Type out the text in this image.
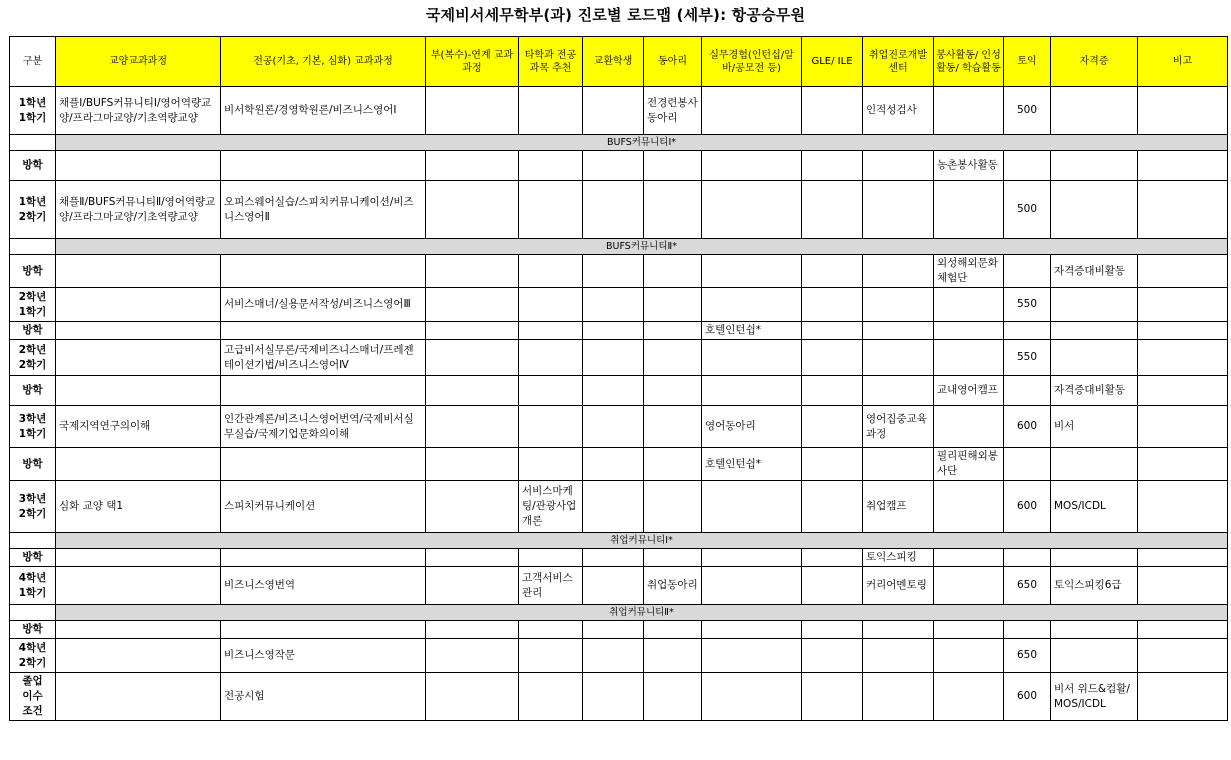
국제비서세무학부(과) 진로별 로드맵 (세부): 항공승무원
구분	교양교과과정	전공(기초, 기본, 심화) 교과과정	부(복수)-연계 교과과정	타학과 전공과목 추천	교환학생	동아리	실무경험(인턴십/알바/공모전 등)	GLE/ ILE	취업진로개발 센터	봉사활동/ 인성활동/ 학습활동	토익	자격증	비고
1학년 1학기	채플Ⅰ/BUFS커뮤니티Ⅰ/영어역량교양/프라그마교양/기초역량교양	비서학원론/경영학원론/비즈니스영어Ⅰ				전경련봉사동아리			인적성검사		500		
	BUFS커뮤니티Ⅰ*												
방학										농촌봉사활동			
1학년 2학기	채플Ⅱ/BUFS커뮤니티Ⅱ/영어역량교양/프라그마교양/기초역량교양	오피스웨어실습/스피치커뮤니케이션/비즈니스영어Ⅱ									500		
	BUFS커뮤니티Ⅱ*												
방학										외성해외문화체험단		자격증대비활동	
2학년 1학기		서비스매너/실용문서작성/비즈니스영어Ⅲ									550		
방학							호텔인턴쉽*						
2학년 2학기		고급비서실무론/국제비즈니스매너/프레젠테이션기법/비즈니스영어Ⅳ									550		
방학										교내영어캠프		자격증대비활동	
3학년 1학기	국제지역연구의이해	인간관계론/비즈니스영어번역/국제비서실무실습/국제기업문화의이해					영어동아리		영어집중교육과정		600	비서	
방학							호텔인턴쉽*			필리핀해외봉사단			
3학년 2학기	심화 교양 택1	스피치커뮤니케이션		서비스마케팅/관광사업개론					취업캠프		600	MOS/ICDL	
	취업커뮤니티Ⅰ*												
방학									토익스피킹				
4학년 1학기		비즈니스영번역		고객서비스관리		취업동아리			커리어멘토링		650	토익스피킹6급	
	취업커뮤니티Ⅱ*												
방학													
4학년 2학기		비즈니스영작문									650		
졸업 이수 조건		전공시험									600	비서 위드&컴활/ MOS/ICDL	
